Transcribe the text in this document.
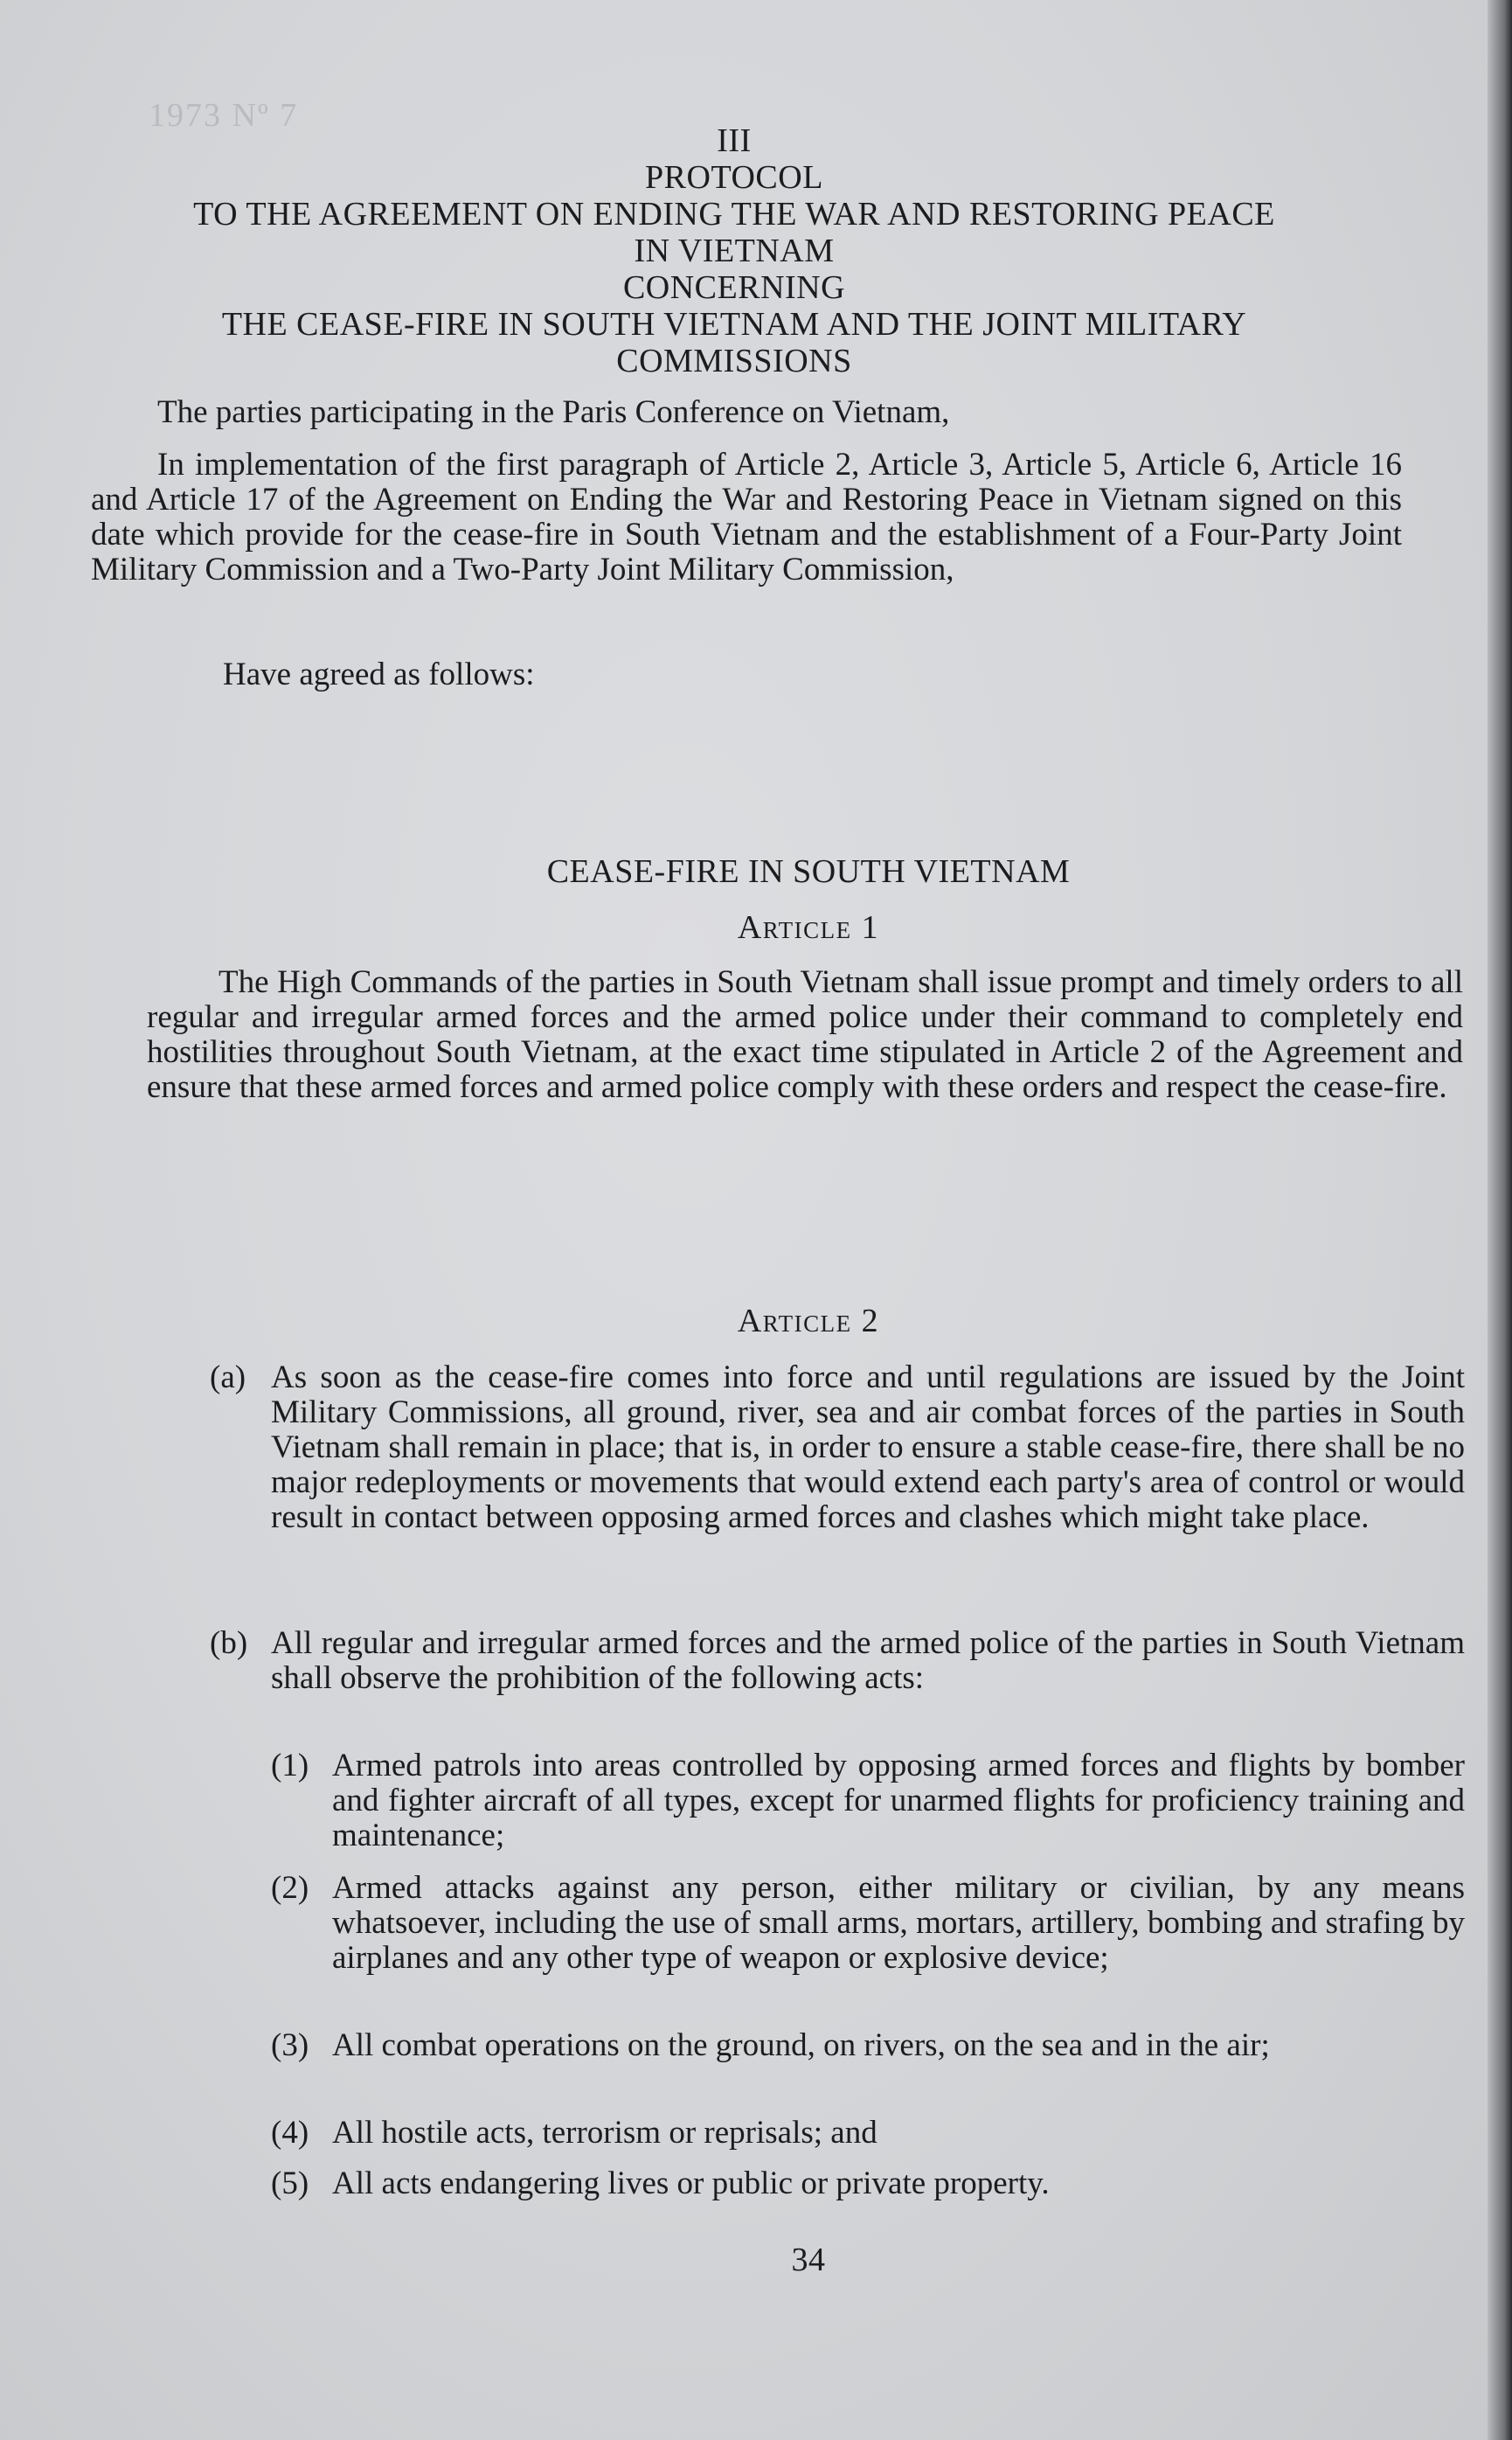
1973 Nº 7
III
PROTOCOL
TO THE AGREEMENT ON ENDING THE WAR AND RESTORING PEACE
IN VIETNAM
CONCERNING
THE CEASE-FIRE IN SOUTH VIETNAM AND THE JOINT MILITARY
COMMISSIONS
The parties participating in the Paris Conference on Vietnam,
In implementation of the first paragraph of Article 2, Article 3, Article 5, Article 6, Article 16 and Article 17 of the Agreement on Ending the War and Restoring Peace in Vietnam signed on this date which provide for the cease-fire in South Vietnam and the establishment of a Four-Party Joint Military Commission and a Two-Party Joint Military Commission,
Have agreed as follows:
CEASE-FIRE IN SOUTH VIETNAM
Article 1
The High Commands of the parties in South Vietnam shall issue prompt and timely orders to all regular and irregular armed forces and the armed police under their command to completely end hostilities throughout South Vietnam, at the exact time stipulated in Article 2 of the Agreement and ensure that these armed forces and armed police comply with these orders and respect the cease-fire.
Article 2
(a) As soon as the cease-fire comes into force and until regulations are issued by the Joint Military Commissions, all ground, river, sea and air combat forces of the parties in South Vietnam shall remain in place; that is, in order to ensure a stable cease-fire, there shall be no major redeployments or movements that would extend each party's area of control or would result in contact between opposing armed forces and clashes which might take place.
(b) All regular and irregular armed forces and the armed police of the parties in South Vietnam shall observe the prohibition of the following acts:
(1) Armed patrols into areas controlled by opposing armed forces and flights by bomber and fighter aircraft of all types, except for unarmed flights for proficiency training and maintenance;
(2) Armed attacks against any person, either military or civilian, by any means whatsoever, including the use of small arms, mortars, artillery, bombing and strafing by airplanes and any other type of weapon or explosive device;
(3) All combat operations on the ground, on rivers, on the sea and in the air;
(4) All hostile acts, terrorism or reprisals; and
(5) All acts endangering lives or public or private property.
34
